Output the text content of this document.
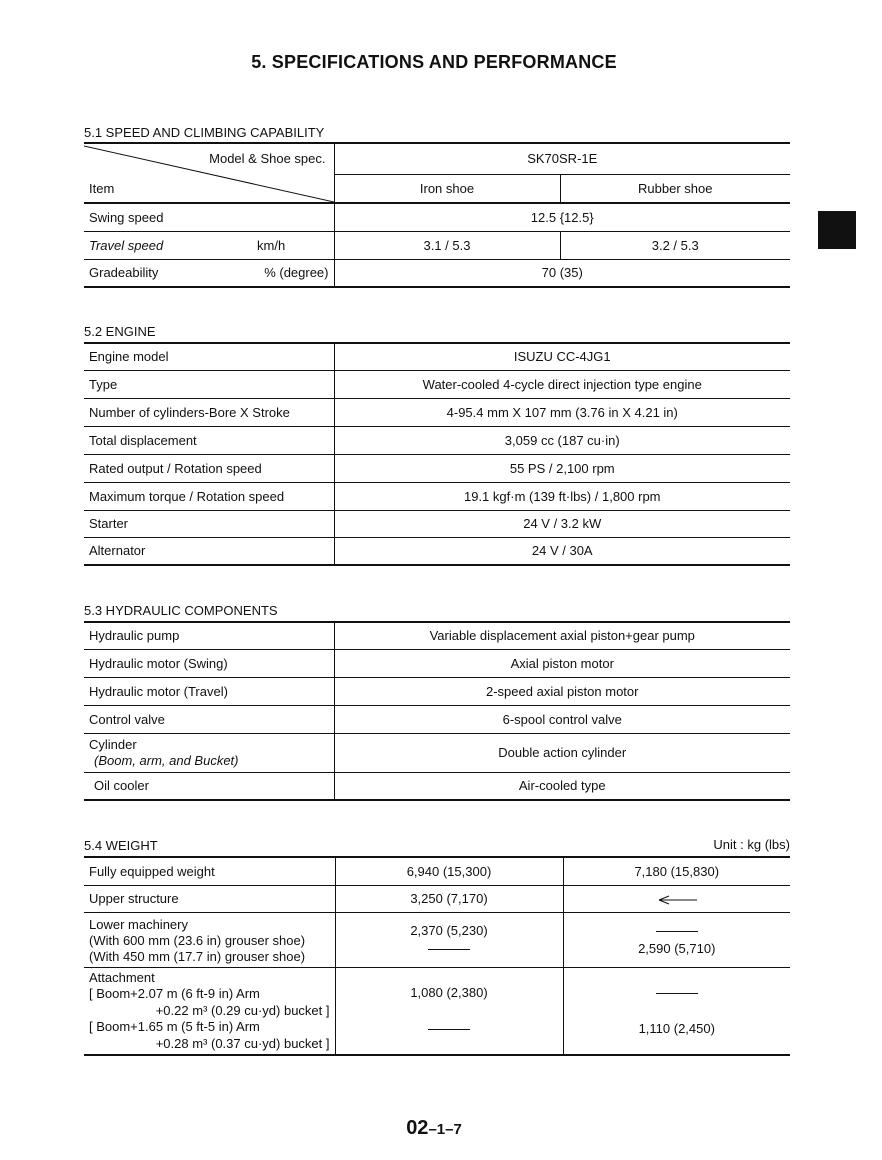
5. SPECIFICATIONS AND PERFORMANCE
5.1 SPEED AND CLIMBING CAPABILITY
Model & Shoe spec.
Item		SK70SR-1E	
		Iron shoe	Rubber shoe
Swing speed		12.5 {12.5}	
Travel speed	km/h	3.1 / 5.3	3.2 / 5.3
Gradeability	% (degree)	70 (35)	
5.2 ENGINE
Engine model	ISUZU CC-4JG1
Type	Water-cooled 4-cycle direct injection type engine
Number of cylinders-Bore X Stroke	4-95.4 mm X 107 mm (3.76 in X 4.21 in)
Total displacement	3,059 cc (187 cu·in)
Rated output / Rotation speed	55 PS / 2,100 rpm
Maximum torque / Rotation speed	19.1 kgf·m (139 ft·lbs) / 1,800 rpm
Starter	24 V / 3.2 kW
Alternator	24 V / 30A
5.3 HYDRAULIC COMPONENTS
Hydraulic pump	Variable displacement axial piston+gear pump
Hydraulic motor (Swing)	Axial piston motor
Hydraulic motor (Travel)	2-speed axial piston motor
Control valve	6-spool control valve

Cylinder
(Boom, arm, and Bucket)	Double action cylinder
Oil cooler	Air-cooled type
5.4 WEIGHT	Unit : kg (lbs)
Fully equipped weight	6,940 (15,300)	7,180 (15,830)
Upper structure	3,250 (7,170)	

Lower machinery
(With 600 mm (23.6 in) grouser shoe)
(With 450 mm (17.7 in) grouser shoe)	2,370 (5,230)	2,590 (5,710)

Attachment
[ Boom+2.07 m (6 ft-9 in) Arm
+0.22 m³ (0.29 cu·yd) bucket ]
[ Boom+1.65 m (5 ft-5 in) Arm
+0.28 m³ (0.37 cu·yd) bucket ]	1,080 (2,380)	1,110 (2,450)
02–1–7
